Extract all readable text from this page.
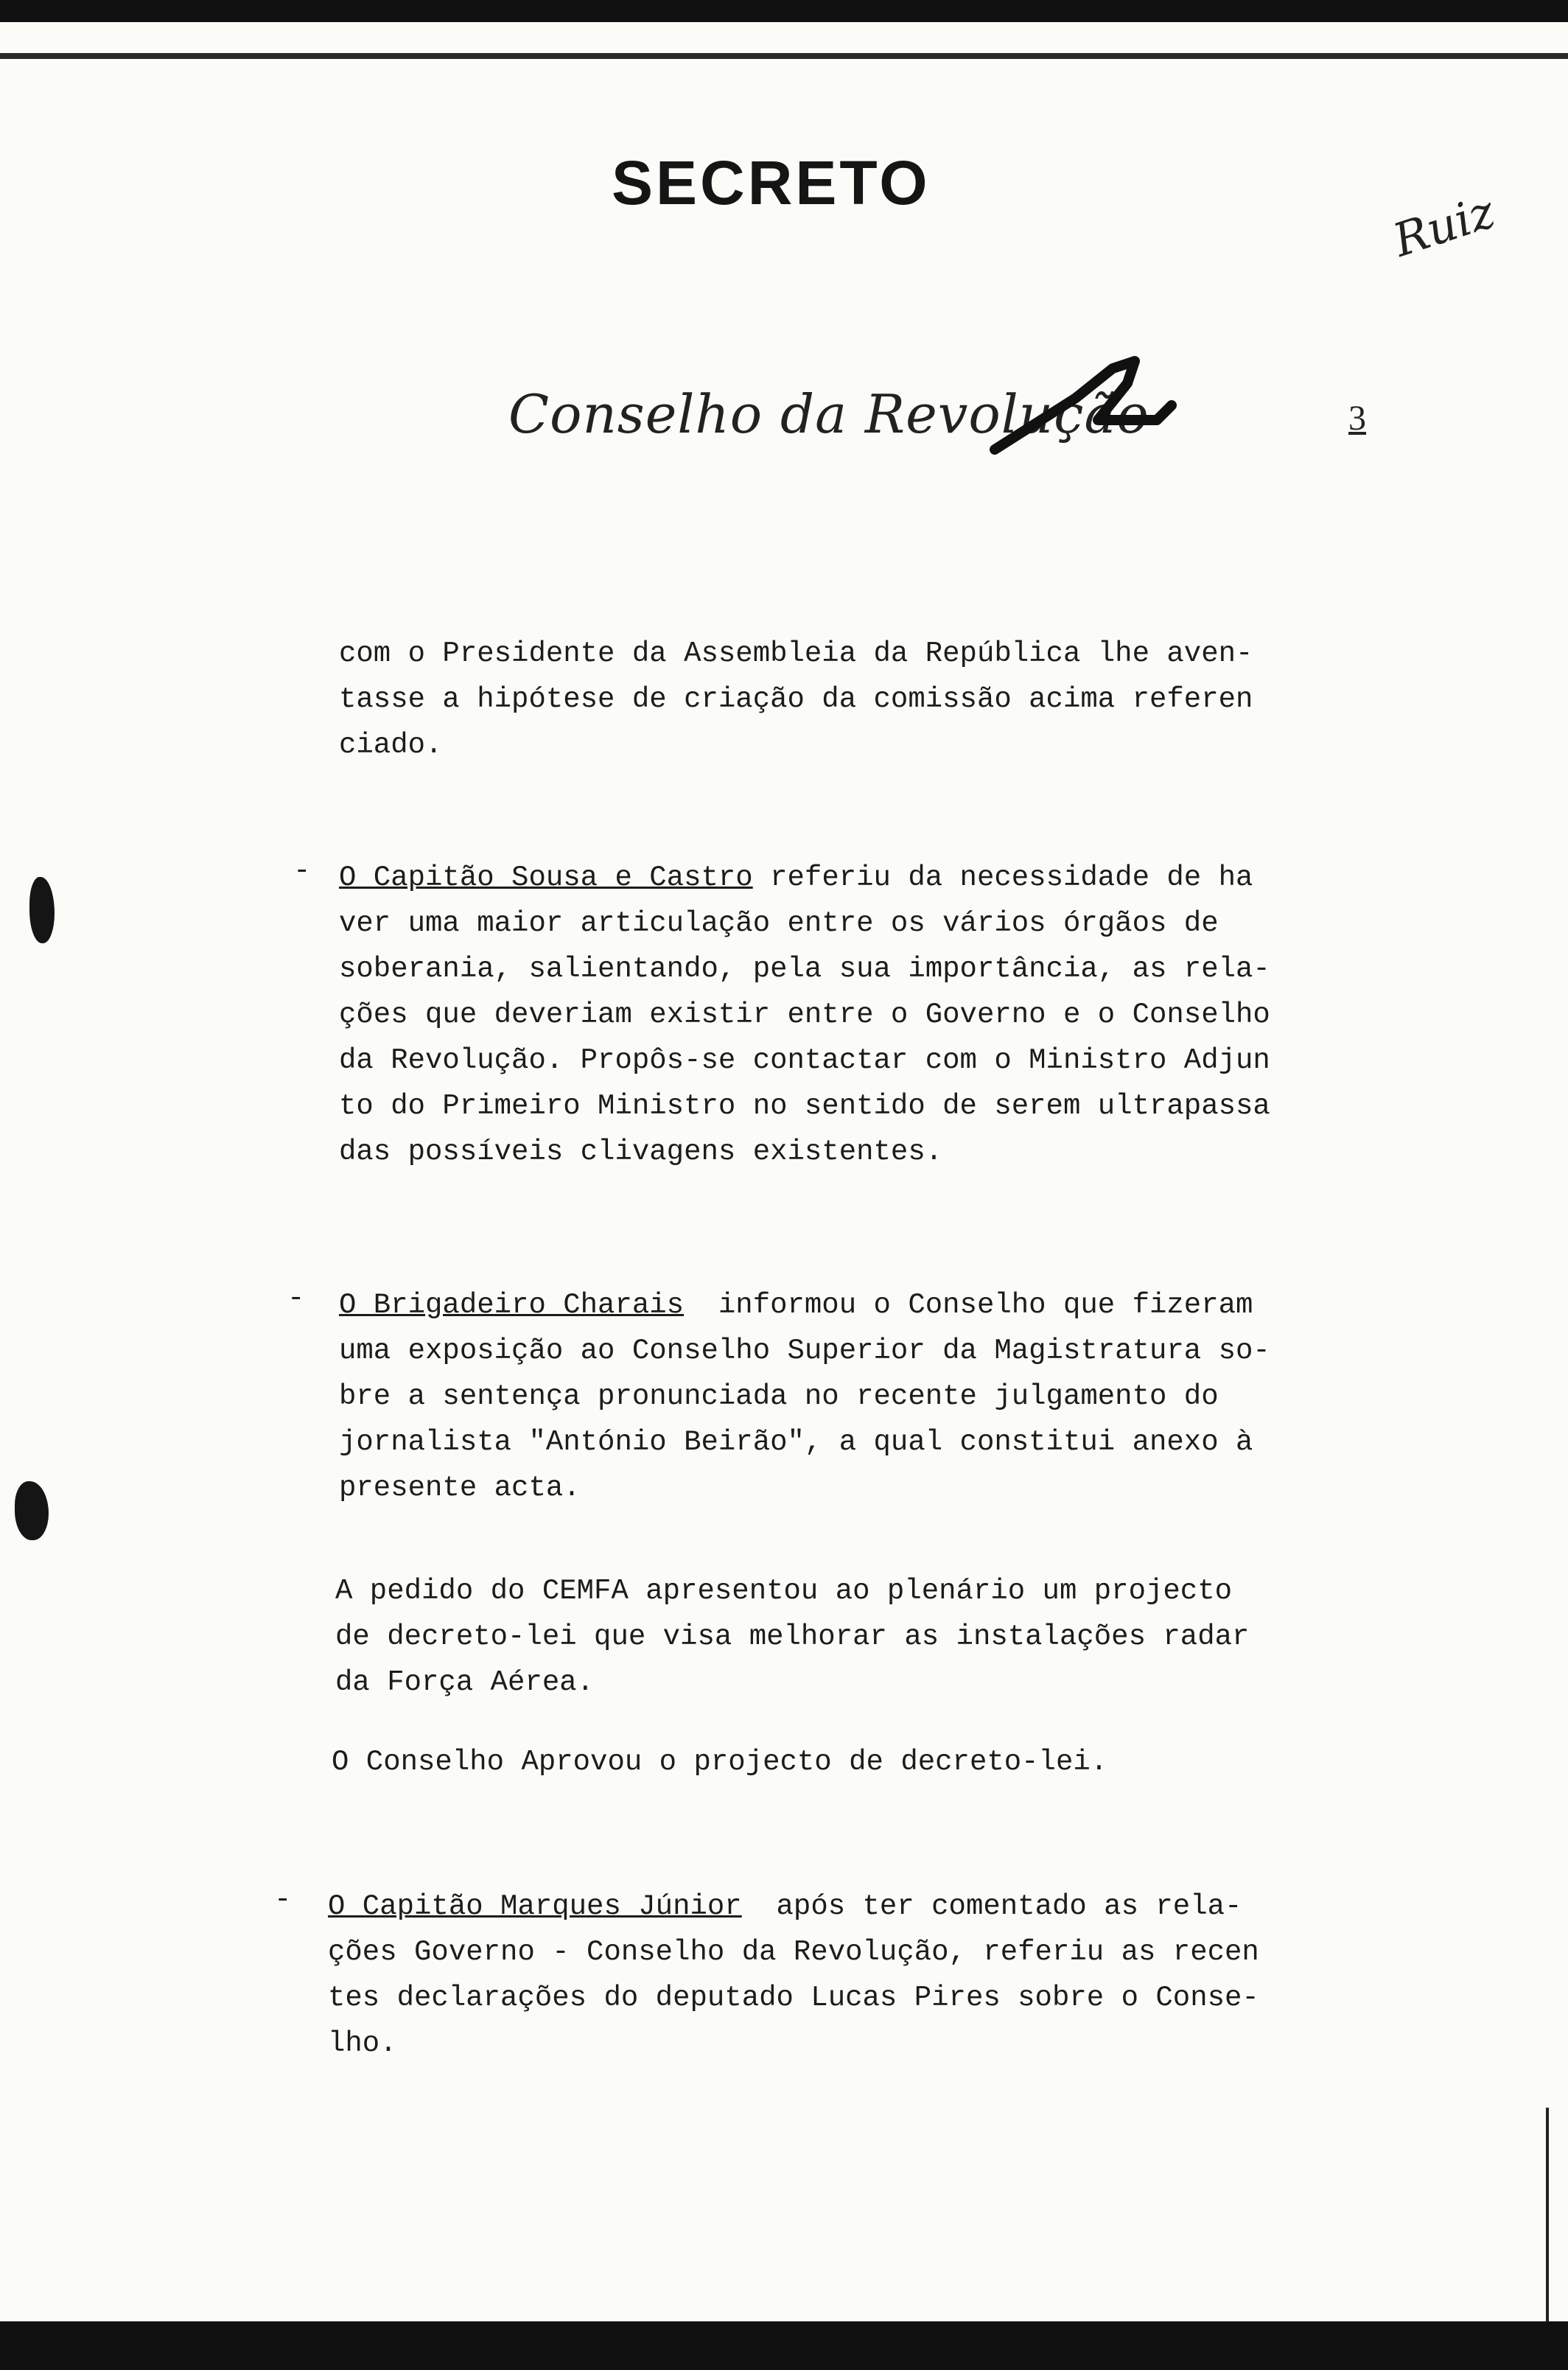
SECRETO
Conselho da Revolução	3
Ruiz

com o Presidente da Assembleia da República lhe aven-

tasse a hipótese de criação da comissão acima referen

ciado.

- O Capitão Sousa e Castro referiu da necessidade de ha

ver uma maior articulação entre os vários órgãos de

soberania, salientando, pela sua importância, as rela-

ções que deveriam existir entre o Governo e o Conselho

da Revolução. Propôs-se contactar com o Ministro Adjun

to do Primeiro Ministro no sentido de serem ultrapassa

das possíveis clivagens existentes.

- O Brigadeiro Charais  informou o Conselho que fizeram

uma exposição ao Conselho Superior da Magistratura so-

bre a sentença pronunciada no recente julgamento do

jornalista "António Beirão", a qual constitui anexo à

presente acta.

A pedido do CEMFA apresentou ao plenário um projecto

de decreto-lei que visa melhorar as instalações radar

da Força Aérea.

O Conselho Aprovou o projecto de decreto-lei.

- O Capitão Marques Júnior  após ter comentado as rela-

ções Governo - Conselho da Revolução, referiu as recen

tes declarações do deputado Lucas Pires sobre o Conse-

lho.
